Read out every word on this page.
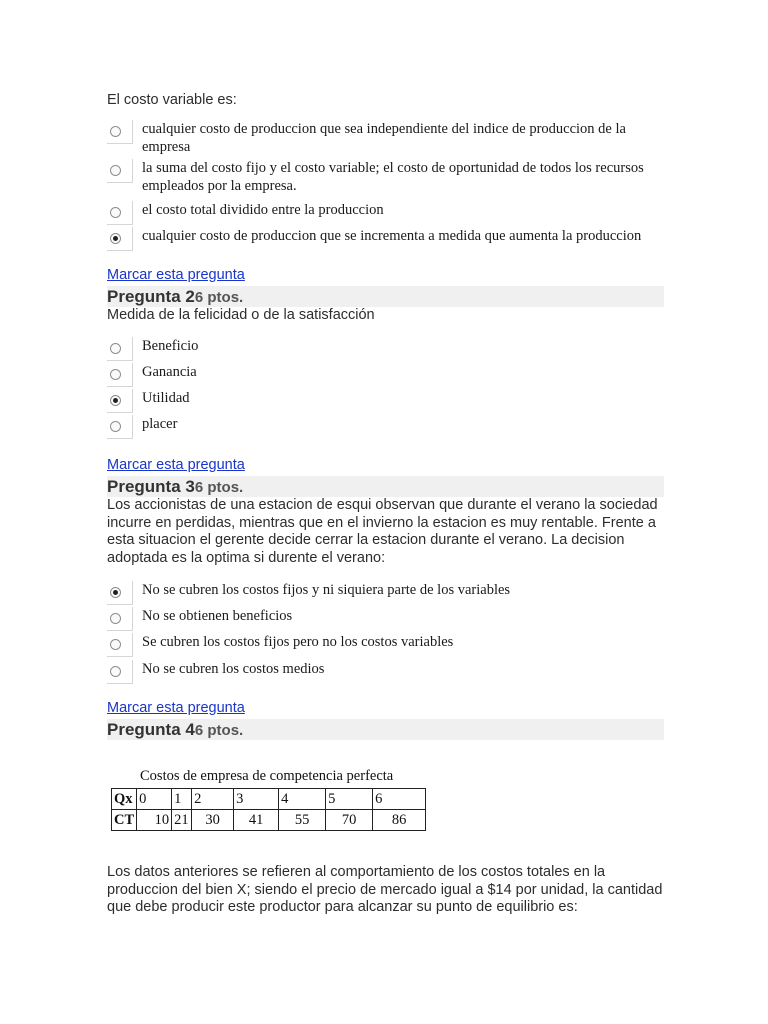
El costo variable es:
cualquier costo de produccion que sea independiente del indice de produccion de la empresa
la suma del costo fijo y el costo variable; el costo de oportunidad de todos los recursos empleados por la empresa.
el costo total dividido entre la produccion
cualquier costo de produccion que se incrementa a medida que aumenta la produccion
Marcar esta pregunta
Pregunta 26 ptos.
Medida de la felicidad o de la satisfacción
Beneficio
Ganancia
Utilidad
placer
Marcar esta pregunta
Pregunta 36 ptos.
Los accionistas de una estacion de esqui observan que durante el verano la sociedad incurre en perdidas, mientras que en el invierno la estacion es muy rentable. Frente a esta situacion el gerente decide cerrar la estacion durante el verano. La decision adoptada es la optima si durente el verano:
No se cubren los costos fijos y ni siquiera parte de los variables
No se obtienen beneficios
Se cubren los costos fijos pero no los costos variables
No se cubren los costos medios
Marcar esta pregunta
Pregunta 46 ptos.
Costos de empresa de competencia perfecta
Qx	0	1	2	3	4	5	6
CT	10	21	30	41	55	70	86
Los datos anteriores se refieren al comportamiento de los costos totales en la produccion del bien X; siendo el precio de mercado igual a $14 por unidad, la cantidad que debe producir este productor para alcanzar su punto de equilibrio es:
